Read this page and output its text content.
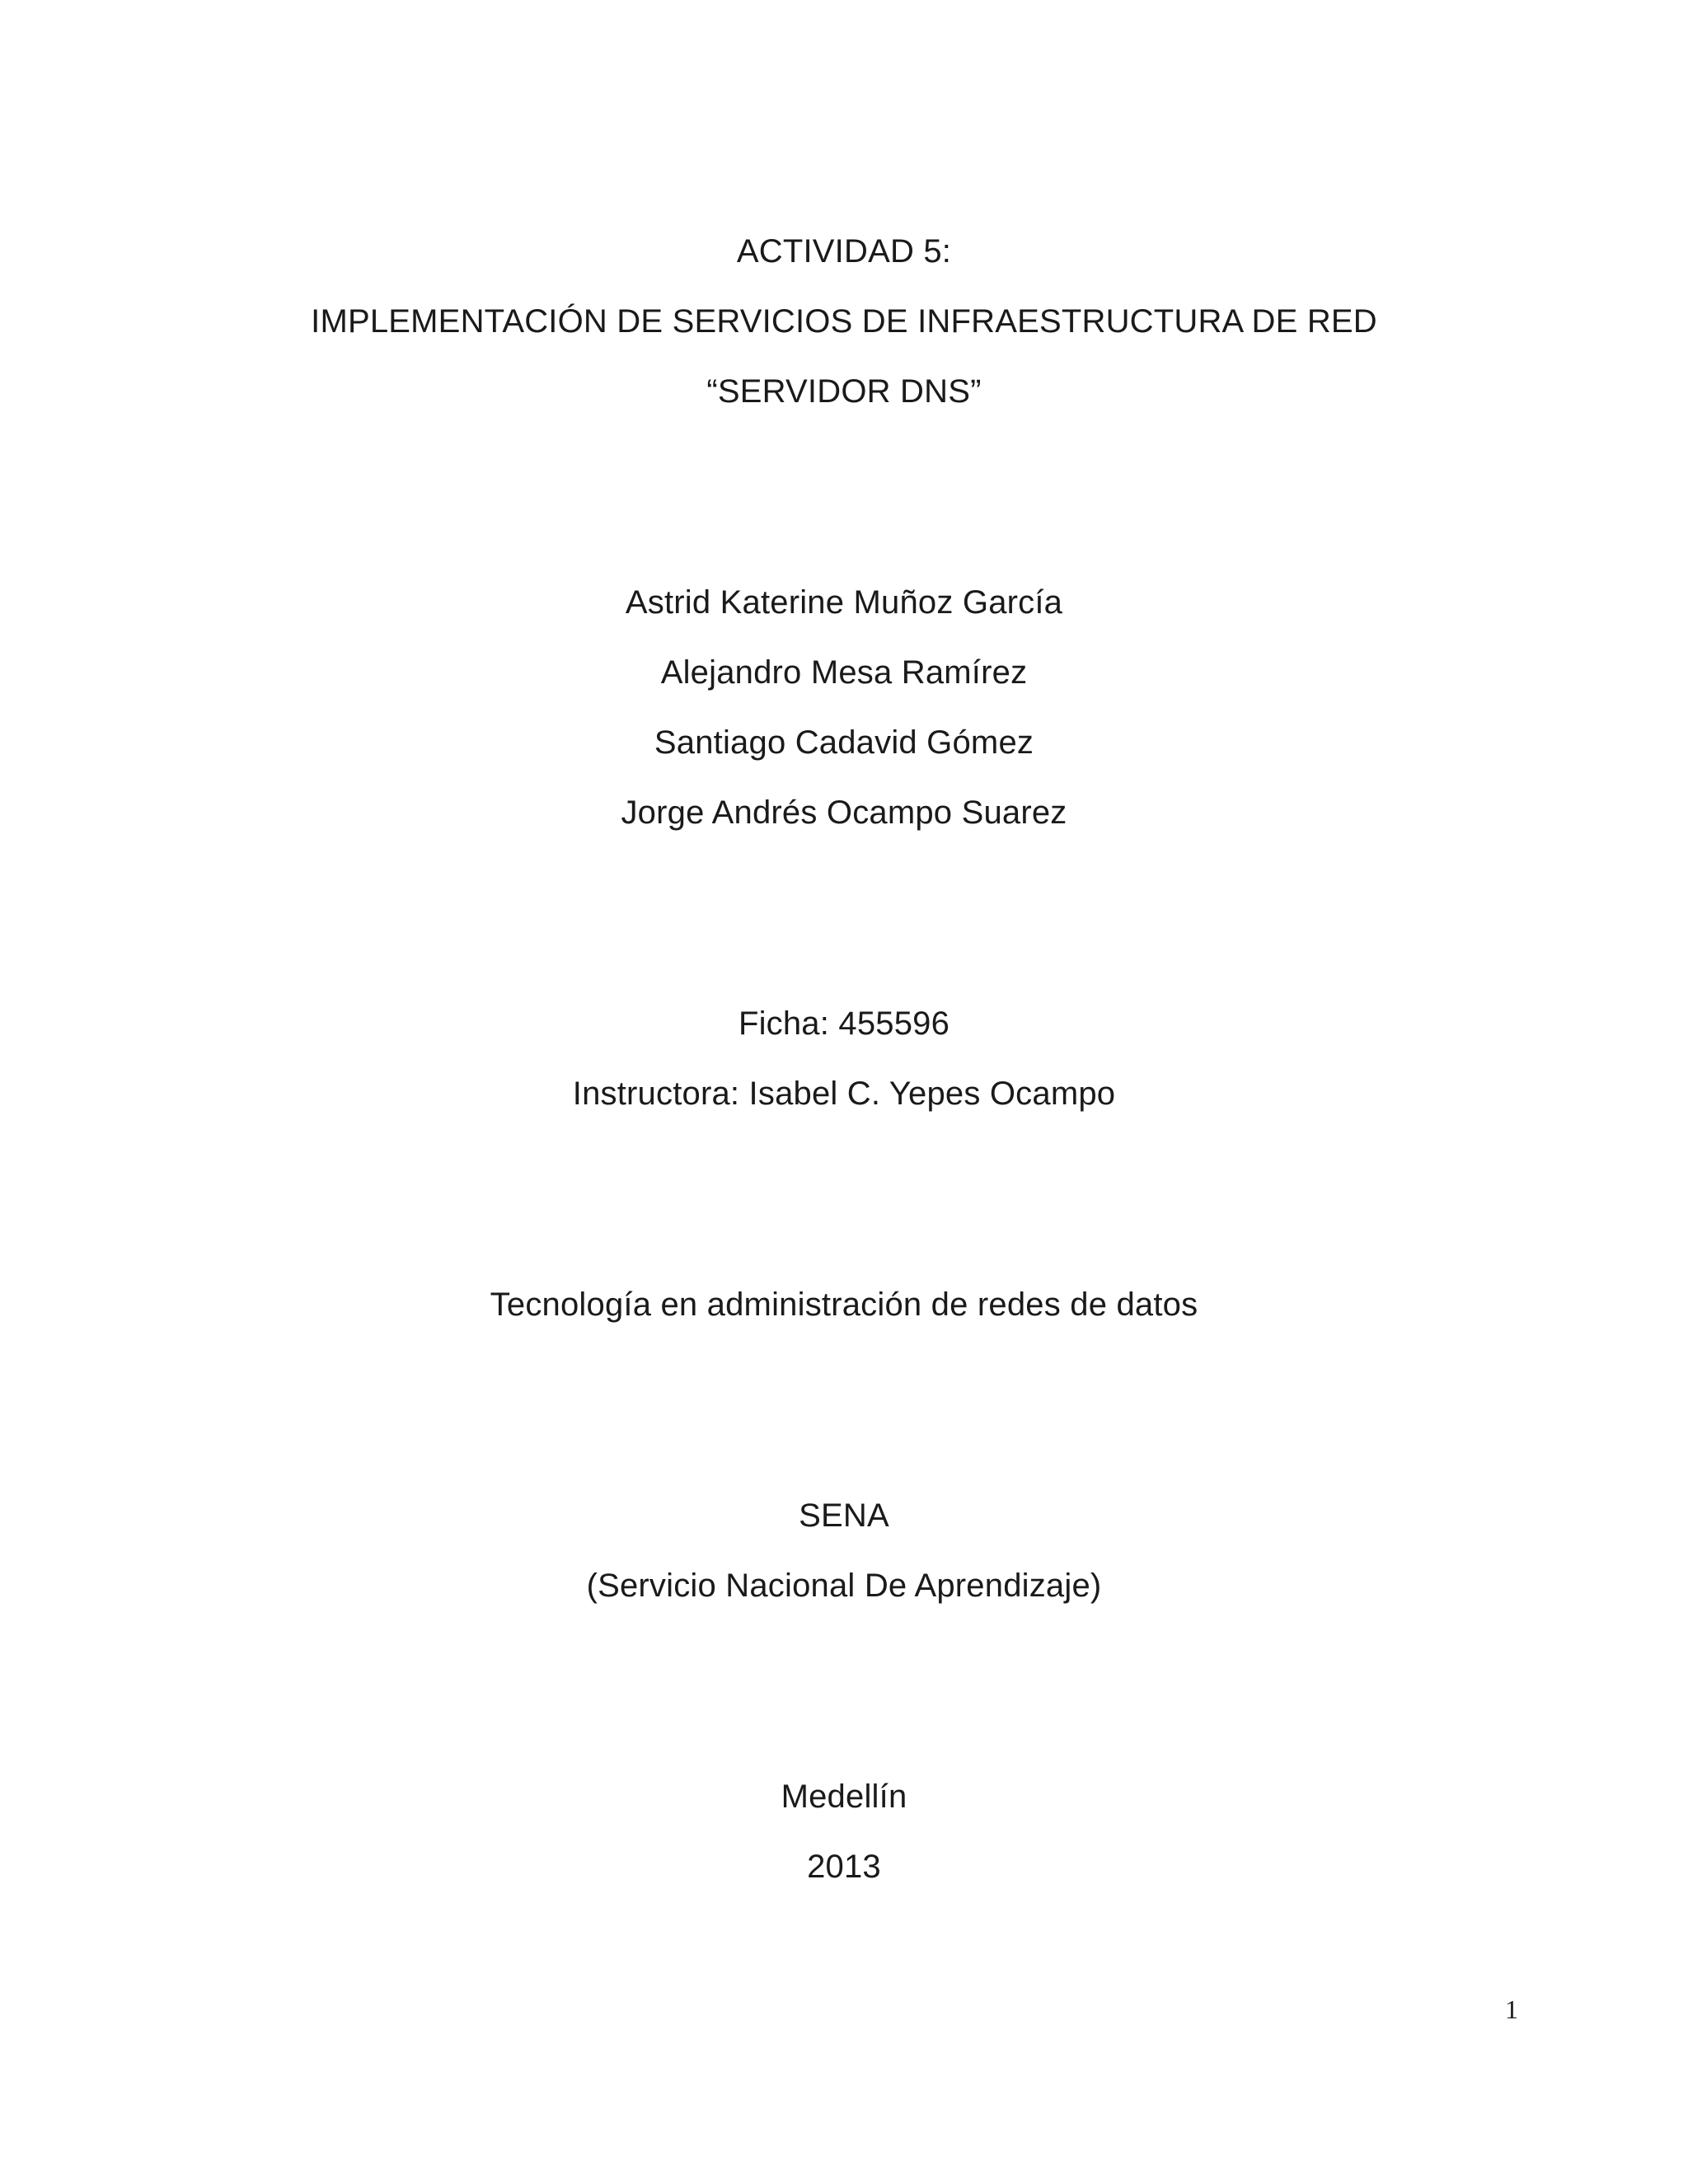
ACTIVIDAD 5:
IMPLEMENTACIÓN DE SERVICIOS DE INFRAESTRUCTURA DE RED
“SERVIDOR DNS”
Astrid Katerine Muñoz García
Alejandro Mesa Ramírez
Santiago Cadavid Gómez
Jorge Andrés Ocampo Suarez
Ficha: 455596
Instructora: Isabel C. Yepes Ocampo
Tecnología en administración de redes de datos
SENA
(Servicio Nacional De Aprendizaje)
Medellín
2013
1
